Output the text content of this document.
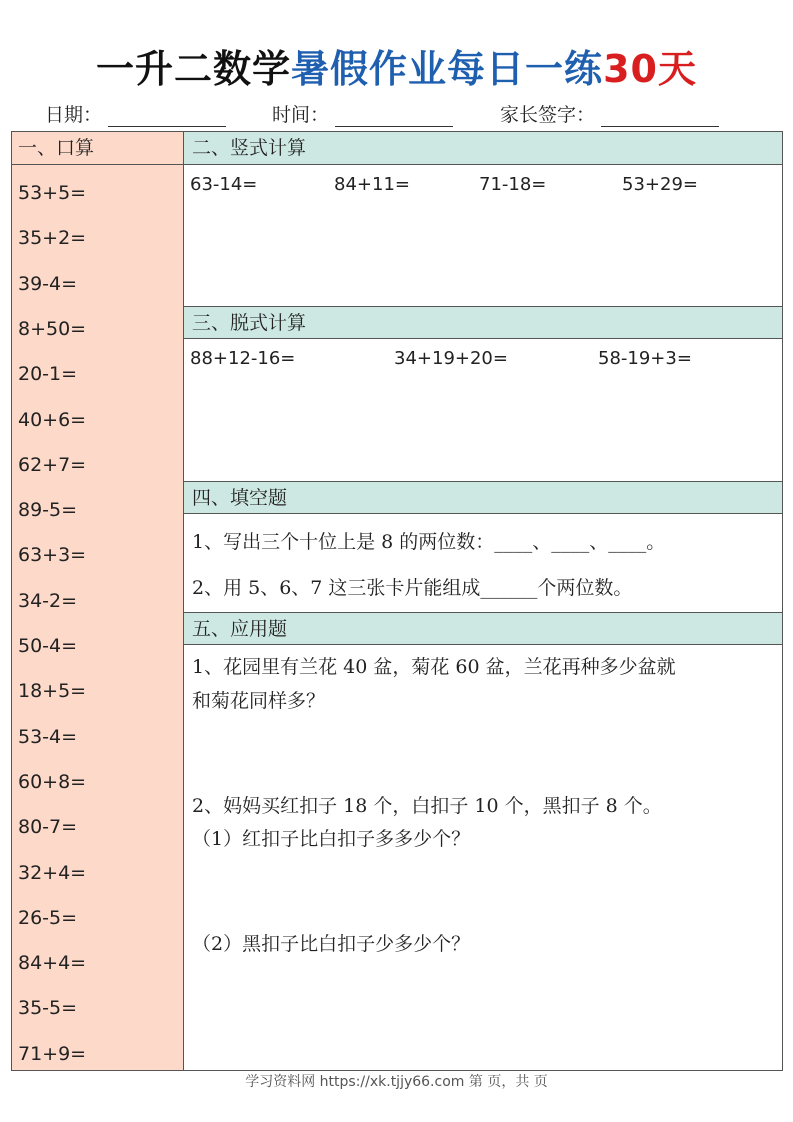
一升二数学暑假作业每日一练30天
日期：	时间：	家长签字：
一、口算
53+5=
35+2=
39-4=
8+50=
20-1=
40+6=
62+7=
89-5=
63+3=
34-2=
50-4=
18+5=
53-4=
60+8=
80-7=
32+4=
26-5=
84+4=
35-5=
71+9=
二、竖式计算
63-14=	84+11=	71-18=	53+29=
三、脱式计算
88+12-16=	34+19+20=	58-19+3=
四、填空题
1、写出三个十位上是 8 的两位数：____、____、____。
2、用 5、6、7 这三张卡片能组成______个两位数。
五、应用题
1、花园里有兰花 40 盆，菊花 60 盆，兰花再种多少盆就
和菊花同样多？
2、妈妈买红扣子 18 个，白扣子 10 个，黑扣子 8 个。
（1）红扣子比白扣子多多少个？
（2）黑扣子比白扣子少多少个？
学习资料网 https://xk.tjjy66.com 第 页，共 页
